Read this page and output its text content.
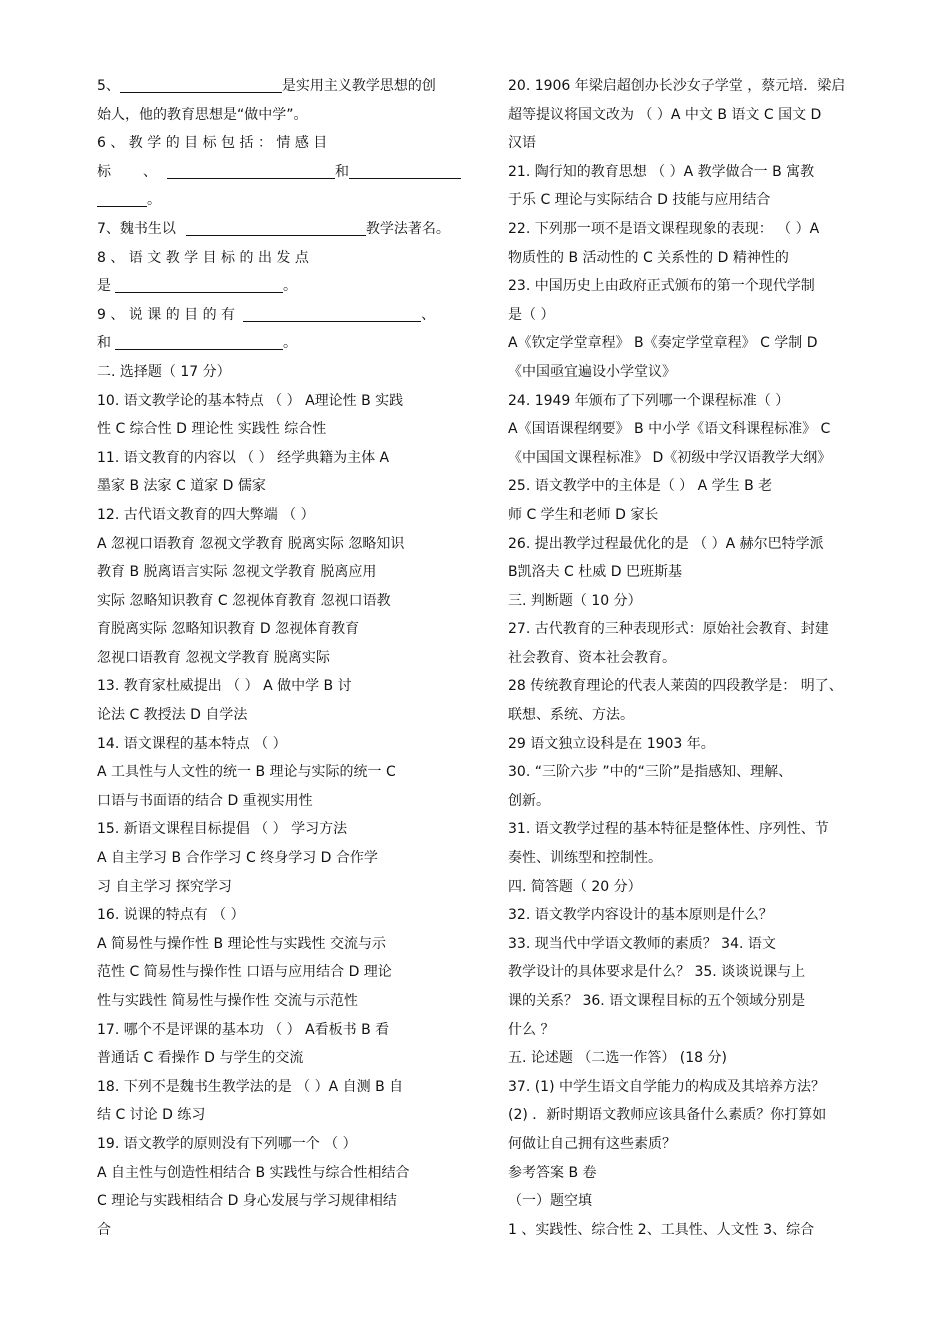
5、	是实用主义教学思想的创
始人，他的教育思想是“做中学”。
6 、 教 学 的 目 标 包 括 ： 情 感 目
标 、	和
。
7、魏书生以	教学法著名。
8 、 语 文 教 学 目 标 的 出 发 点
是	。
9 、 说 课 的 目 的 有	、
和	。
二. 选择题（ 17 分）
10. 语文教学论的基本特点 （ ） A理论性 B 实践
性 C 综合性 D 理论性 实践性 综合性
11. 语文教育的内容以 （ ） 经学典籍为主体 A
墨家 B 法家 C 道家 D 儒家
12. 古代语文教育的四大弊端 （ ）
A 忽视口语教育 忽视文学教育 脱离实际 忽略知识
教育 B 脱离语言实际 忽视文学教育 脱离应用
实际 忽略知识教育 C 忽视体育教育 忽视口语教
育脱离实际 忽略知识教育 D 忽视体育教育
忽视口语教育 忽视文学教育 脱离实际
13. 教育家杜威提出 （ ） A 做中学 B 讨
论法 C 教授法 D 自学法
14. 语文课程的基本特点 （ ）
A 工具性与人文性的统一 B 理论与实际的统一 C
口语与书面语的结合 D 重视实用性
15. 新语文课程目标提倡 （ ） 学习方法
A 自主学习 B 合作学习 C 终身学习 D 合作学
习 自主学习 探究学习
16. 说课的特点有 （ ）
A 简易性与操作性 B 理论性与实践性 交流与示
范性 C 简易性与操作性 口语与应用结合 D 理论
性与实践性 简易性与操作性 交流与示范性
17. 哪个不是评课的基本功 （ ） A看板书 B 看
普通话 C 看操作 D 与学生的交流
18. 下列不是魏书生教学法的是 （ ）A 自测 B 自
结 C 讨论 D 练习
19. 语文教学的原则没有下列哪一个 （ ）
A 自主性与创造性相结合 B 实践性与综合性相结合
C 理论与实践相结合 D 身心发展与学习规律相结
合
20. 1906 年梁启超创办长沙女子学堂 ，蔡元培．梁启
超等提议将国文改为 （ ）A 中文 B 语文 C 国文 D
汉语
21. 陶行知的教育思想 （ ）A 教学做合一 B 寓教
于乐 C 理论与实际结合 D 技能与应用结合
22. 下列那一项不是语文课程现象的表现： （ ）A
物质性的 B 活动性的 C 关系性的 D 精神性的
23. 中国历史上由政府正式颁布的第一个现代学制
是（ ）
A《钦定学堂章程》 B《奏定学堂章程》 C 学制 D
《中国亟宜遍设小学堂议》
24. 1949 年颁布了下列哪一个课程标准（ ）
A《国语课程纲要》 B 中小学《语文科课程标准》 C
《中国国文课程标准》 D《初级中学汉语教学大纲》
25. 语文教学中的主体是（ ） A 学生 B 老
师 C 学生和老师 D 家长
26. 提出教学过程最优化的是 （ ）A 赫尔巴特学派
B凯洛夫 C 杜威 D 巴班斯基
三. 判断题（ 10 分）
27. 古代教育的三种表现形式：原始社会教育、封建
社会教育、资本社会教育。
28 传统教育理论的代表人莱茵的四段教学是： 明了、
联想、系统、方法。
29 语文独立设科是在 1903 年。
30. “三阶六步 ”中的“三阶”是指感知、理解、
创新。
31. 语文教学过程的基本特征是整体性、序列性、节
奏性、训练型和控制性。
四. 简答题（ 20 分）
32. 语文教学内容设计的基本原则是什么？
33. 现当代中学语文教师的素质？ 34. 语文
教学设计的具体要求是什么？ 35. 谈谈说课与上
课的关系？ 36. 语文课程目标的五个领域分别是
什么 ？
五. 论述题 （二选一作答） (18 分)
37. (1) 中学生语文自学能力的构成及其培养方法？
(2) ．新时期语文教师应该具备什么素质？你打算如
何做让自己拥有这些素质？
参考答案 B 卷
（一）题空填
1 、实践性、综合性 2、工具性、人文性 3、综合
